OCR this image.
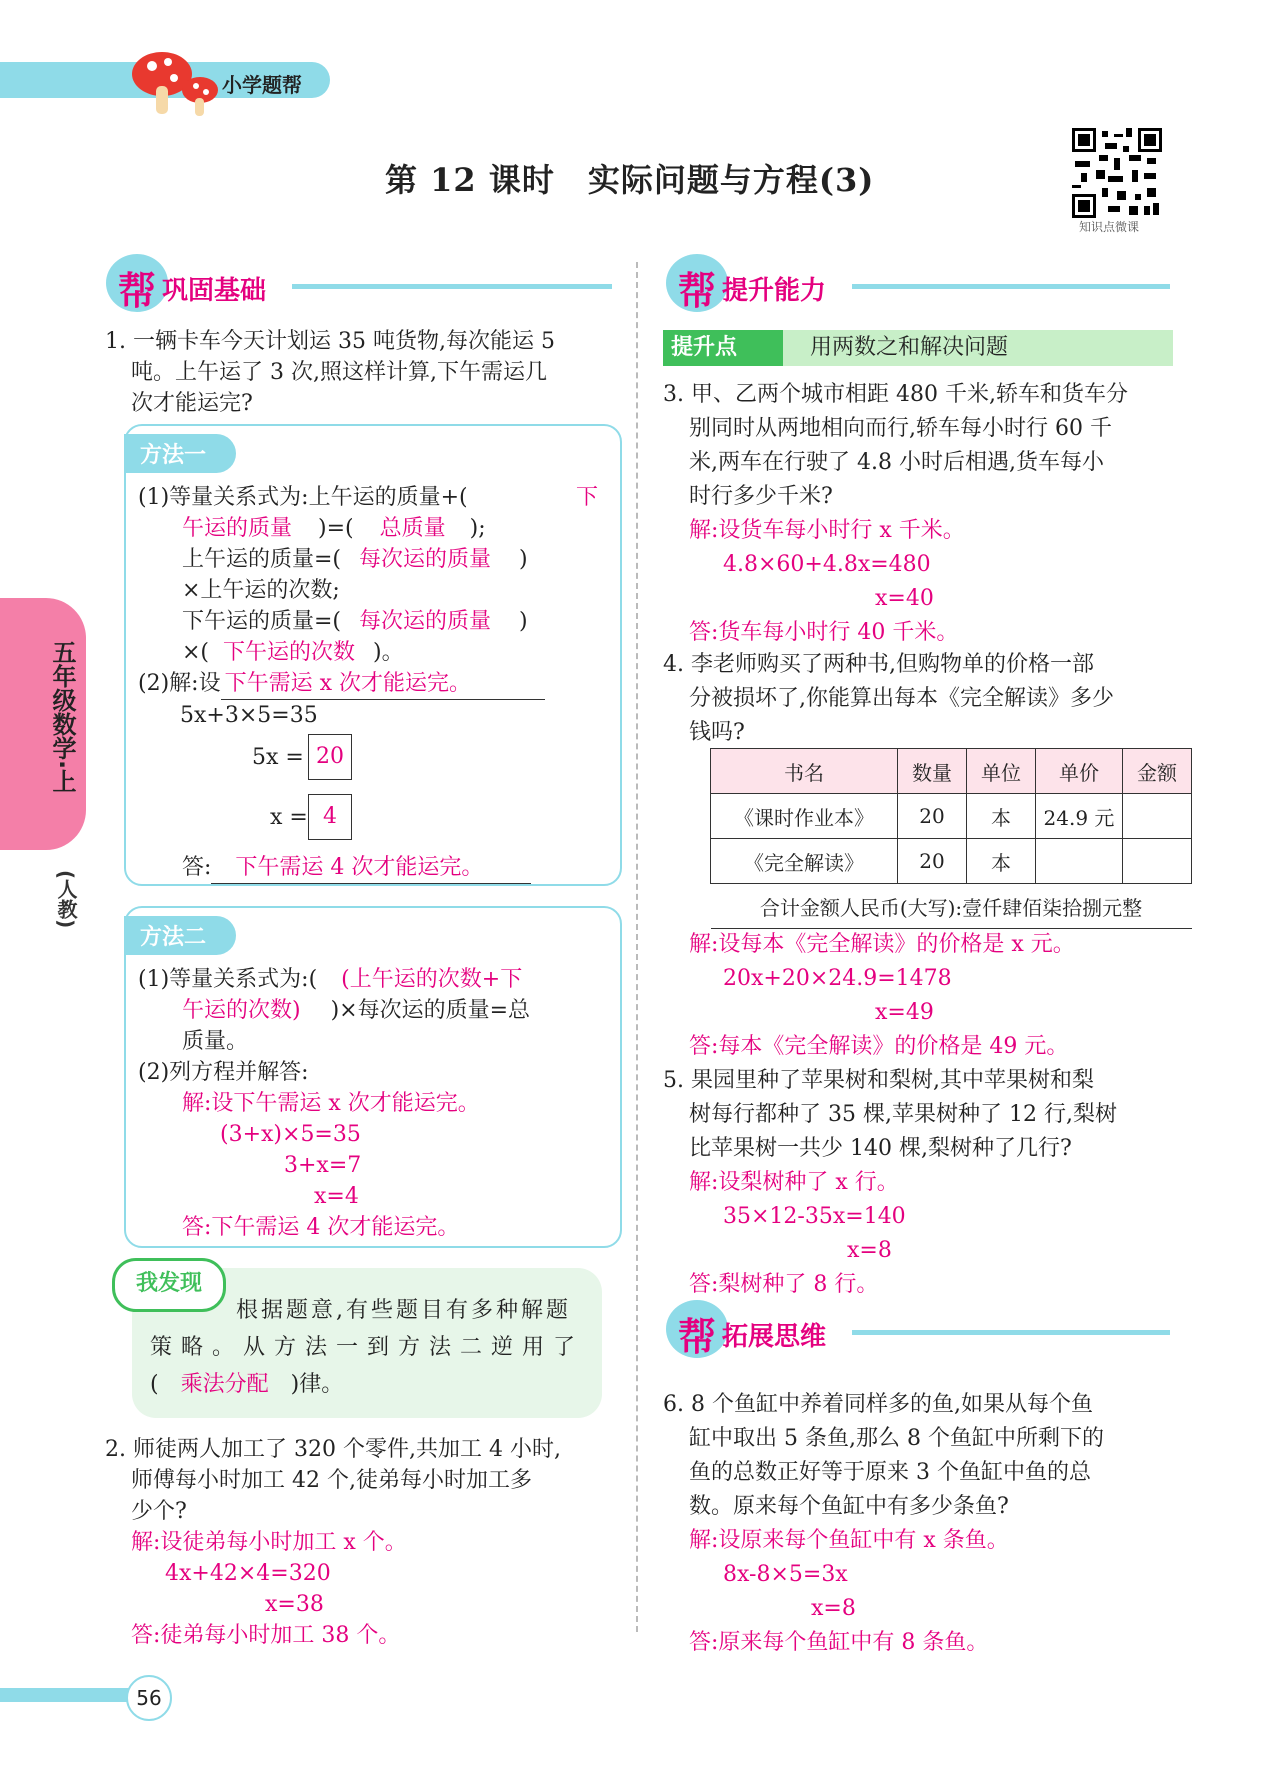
小学题帮
第 12 课时　实际问题与方程(3)
知识点微课
五年级数学·上
(人教)
帮 巩固基础
1. 一辆卡车今天计划运 35 吨货物,每次能运 5
吨。上午运了 3 次,照这样计算,下午需运几
次才能运完?
方法一
(1)等量关系式为:上午运的质量+(	下
午运的质量 )=( 总质量 );
上午运的质量=( 每次运的质量 )
×上午运的次数;
下午运的质量=( 每次运的质量 )
×( 下午运的次数 )。
(2)解:设 下午需运 x 次才能运完。
5x+3×5=35
5x = 20
x = 4
答: 下午需运 4 次才能运完。
方法二
(1)等量关系式为:( (上午运的次数+下
午运的次数) )×每次运的质量=总
质量。
(2)列方程并解答:
解:设下午需运 x 次才能运完。
(3+x)×5=35
3+x=7
x=4
答:下午需运 4 次才能运完。
我发现
根据题意,有些题目有多种解题
策略。从方法一到方法二逆用了
( 乘法分配 )律。
2. 师徒两人加工了 320 个零件,共加工 4 小时,
师傅每小时加工 42 个,徒弟每小时加工多
少个?
解:设徒弟每小时加工 x 个。
4x+42×4=320
x=38
答:徒弟每小时加工 38 个。
帮 提升能力
提升点	用两数之和解决问题
3. 甲、乙两个城市相距 480 千米,轿车和货车分
别同时从两地相向而行,轿车每小时行 60 千
米,两车在行驶了 4.8 小时后相遇,货车每小
时行多少千米?
解:设货车每小时行 x 千米。
4.8×60+4.8x=480
x=40
答:货车每小时行 40 千米。
4. 李老师购买了两种书,但购物单的价格一部
分被损坏了,你能算出每本《完全解读》多少
钱吗?
书名	数量	单位	单价	金额
《课时作业本》	20	本	24.9 元	
《完全解读》	20	本		
合计金额人民币(大写):壹仟肆佰柒拾捌元整				
解:设每本《完全解读》的价格是 x 元。
20x+20×24.9=1478
x=49
答:每本《完全解读》的价格是 49 元。
5. 果园里种了苹果树和梨树,其中苹果树和梨
树每行都种了 35 棵,苹果树种了 12 行,梨树
比苹果树一共少 140 棵,梨树种了几行?
解:设梨树种了 x 行。
35×12-35x=140
x=8
答:梨树种了 8 行。
帮 拓展思维
6. 8 个鱼缸中养着同样多的鱼,如果从每个鱼
缸中取出 5 条鱼,那么 8 个鱼缸中所剩下的
鱼的总数正好等于原来 3 个鱼缸中鱼的总
数。原来每个鱼缸中有多少条鱼?
解:设原来每个鱼缸中有 x 条鱼。
8x-8×5=3x
x=8
答:原来每个鱼缸中有 8 条鱼。
56
